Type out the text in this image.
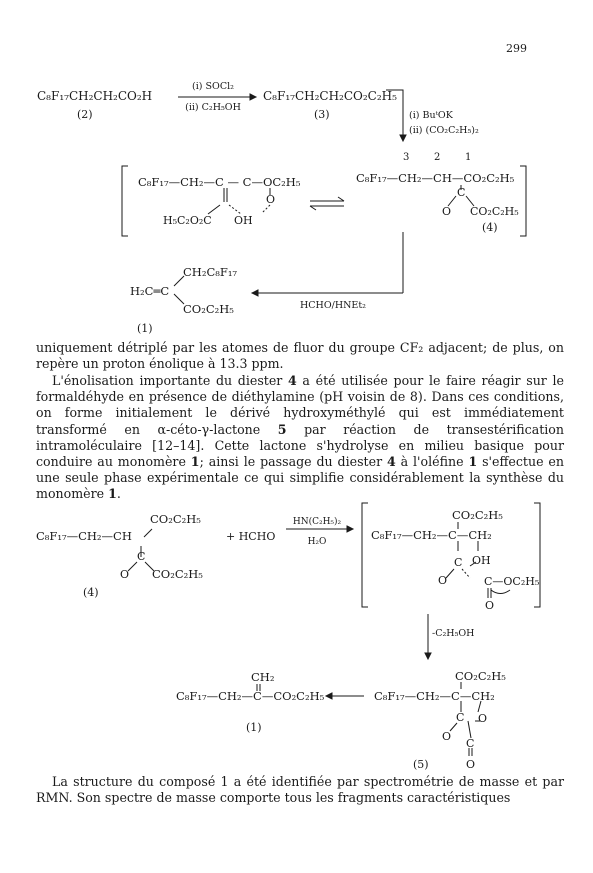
299
C₈F₁₇CH₂CH₂CO₂H
(2)
(i) SOCl₂
(ii) C₂H₅OH
C₈F₁₇CH₂CH₂CO₂C₂H₅
(3)	(i) BuᵗOK
(ii) (CO₂C₂H₅)₂
C₈F₁₇—CH₂—C — C—OC₂H₅
H₅C₂O₂C OH
O
3 2 1
C₈F₁₇—CH₂—CH—CO₂C₂H₅
C
O CO₂C₂H₅
(4)
HCHO/HNEt₂
CH₂C₈F₁₇
H₂C═C
CO₂C₂H₅
(1)
CO₂C₂H₅
C₈F₁₇—CH₂—CH
C
O CO₂C₂H₅
(4)
+ HCHO
HN(C₂H₅)₂
H₂O
CO₂C₂H₅
C₈F₁₇—CH₂—C—CH₂
C OH
O	C—OC₂H₅
O
-C₂H₅OH
CO₂C₂H₅
C₈F₁₇—CH₂—C—CH₂
C O
C
O
O
(5)
CH₂
C₈F₁₇—CH₂—C—CO₂C₂H₅
(1)

uniquement détriplé par les atomes de fluor du groupe CF₂ adjacent; de plus, on repère un proton énolique à 13.3 ppm.

L'énolisation importante du diester 4 a été utilisée pour le faire réagir sur le formaldéhyde en présence de diéthylamine (pH voisin de 8). Dans ces conditions, on forme initialement le dérivé hydroxyméthylé qui est immédiatement transformé en α-céto-γ-lactone 5 par réaction de transestérification intramoléculaire [12–14]. Cette lactone s'hydrolyse en milieu basique pour conduire au monomère 1; ainsi le passage du diester 4 à l'oléfine 1 s'effectue en une seule phase expérimentale ce qui simplifie considérablement la synthèse du monomère 1.

La structure du composé 1 a été identifiée par spectrométrie de masse et par RMN. Son spectre de masse comporte tous les fragments caractéristiques
